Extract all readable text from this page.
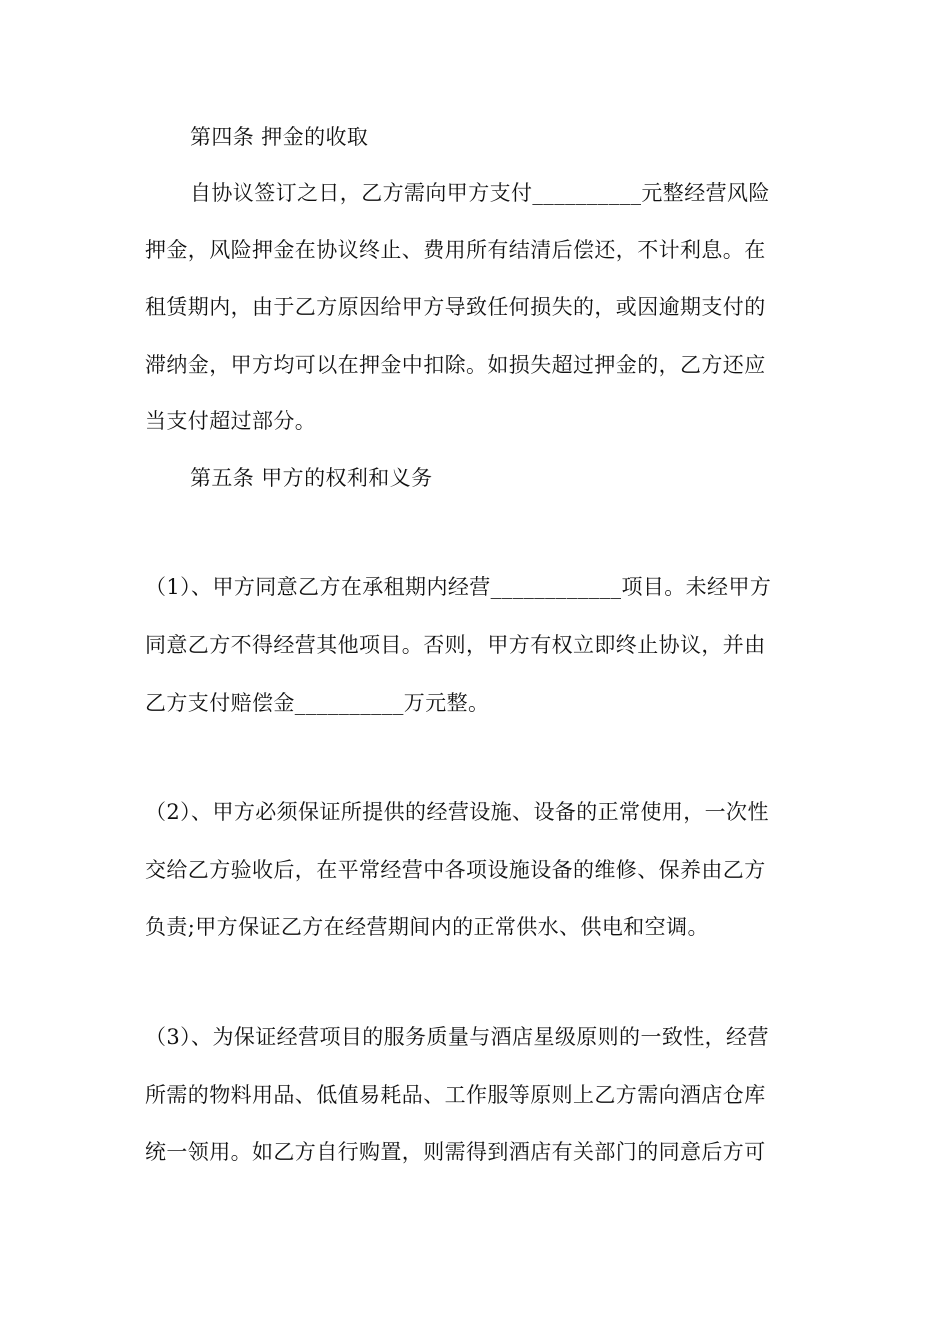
第四条 押金的收取
自协议签订之日，乙方需向甲方支付__________元整经营风险
押金，风险押金在协议终止、费用所有结清后偿还，不计利息。在
租赁期内，由于乙方原因给甲方导致任何损失的，或因逾期支付的
滞纳金，甲方均可以在押金中扣除。如损失超过押金的，乙方还应
当支付超过部分。
第五条 甲方的权利和义务
（1）、甲方同意乙方在承租期内经营____________项目。未经甲方
同意乙方不得经营其他项目。否则，甲方有权立即终止协议，并由
乙方支付赔偿金__________万元整。
（2）、甲方必须保证所提供的经营设施、设备的正常使用，一次性
交给乙方验收后，在平常经营中各项设施设备的维修、保养由乙方
负责;甲方保证乙方在经营期间内的正常供水、供电和空调。
（3）、为保证经营项目的服务质量与酒店星级原则的一致性，经营
所需的物料用品、低值易耗品、工作服等原则上乙方需向酒店仓库
统一领用。如乙方自行购置，则需得到酒店有关部门的同意后方可
